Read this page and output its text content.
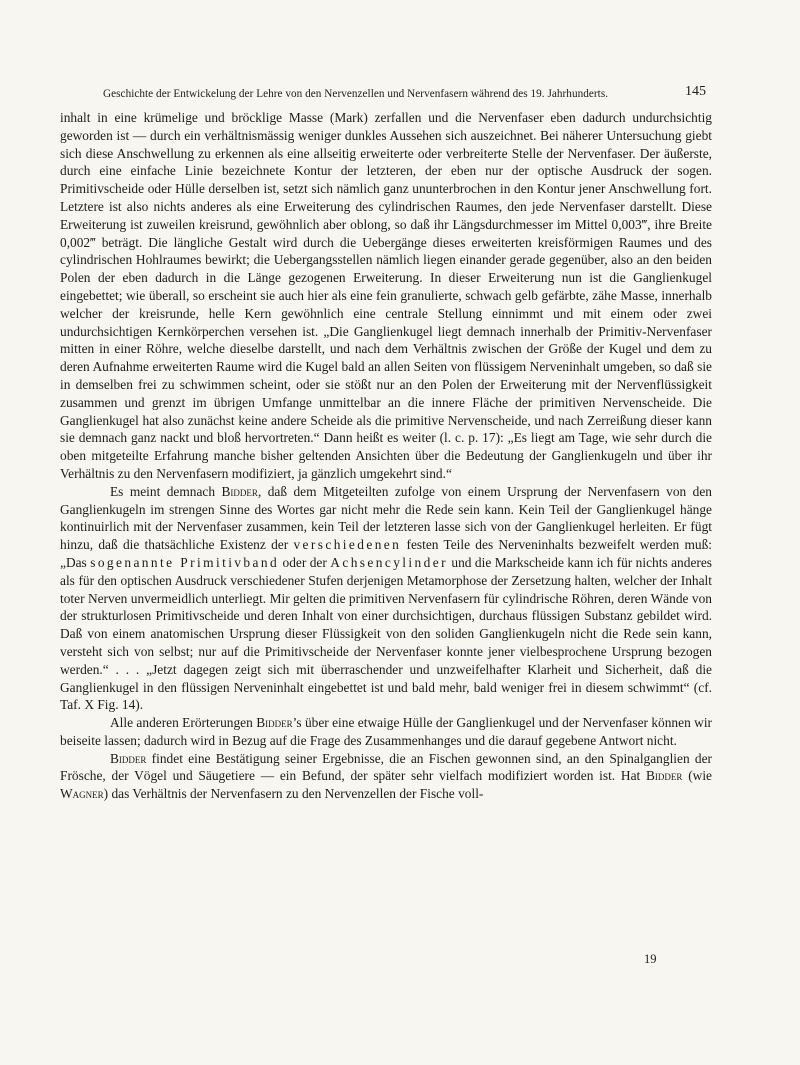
Geschichte der Entwickelung der Lehre von den Nervenzellen und Nervenfasern während des 19. Jahrhunderts.	145

inhalt in eine krümelige und bröcklige Masse (Mark) zerfallen und die Nervenfaser eben dadurch undurchsichtig geworden ist — durch ein verhältnismässig weniger dunkles Aussehen sich auszeichnet. Bei näherer Untersuchung giebt sich diese Anschwellung zu erkennen als eine allseitig erweiterte oder verbreiterte Stelle der Nervenfaser. Der äußerste, durch eine einfache Linie bezeichnete Kontur der letzteren, der eben nur der optische Ausdruck der sogen. Primitivscheide oder Hülle derselben ist, setzt sich nämlich ganz ununterbrochen in den Kontur jener Anschwellung fort. Letztere ist also nichts anderes als eine Erweiterung des cylindrischen Raumes, den jede Nervenfaser darstellt. Diese Erweiterung ist zuweilen kreisrund, gewöhnlich aber oblong, so daß ihr Längsdurchmesser im Mittel 0,003‴, ihre Breite 0,002‴ beträgt. Die längliche Gestalt wird durch die Uebergänge dieses erweiterten kreisförmigen Raumes und des cylindrischen Hohlraumes bewirkt; die Uebergangsstellen nämlich liegen einander gerade gegenüber, also an den beiden Polen der eben dadurch in die Länge gezogenen Erweiterung. In dieser Erweiterung nun ist die Ganglienkugel eingebettet; wie überall, so erscheint sie auch hier als eine fein granulierte, schwach gelb gefärbte, zähe Masse, innerhalb welcher der kreisrunde, helle Kern gewöhnlich eine centrale Stellung einnimmt und mit einem oder zwei undurchsichtigen Kernkörperchen versehen ist. „Die Ganglienkugel liegt demnach innerhalb der Primitiv-Nervenfaser mitten in einer Röhre, welche dieselbe darstellt, und nach dem Verhältnis zwischen der Größe der Kugel und dem zu deren Aufnahme erweiterten Raume wird die Kugel bald an allen Seiten von flüssigem Nerveninhalt umgeben, so daß sie in demselben frei zu schwimmen scheint, oder sie stößt nur an den Polen der Erweiterung mit der Nervenflüssigkeit zusammen und grenzt im übrigen Umfange unmittelbar an die innere Fläche der primitiven Nervenscheide. Die Ganglienkugel hat also zunächst keine andere Scheide als die primitive Nervenscheide, und nach Zerreißung dieser kann sie demnach ganz nackt und bloß hervortreten.“ Dann heißt es weiter (l. c. p. 17): „Es liegt am Tage, wie sehr durch die oben mitgeteilte Erfahrung manche bisher geltenden Ansichten über die Bedeutung der Ganglienkugeln und über ihr Verhältnis zu den Nervenfasern modifiziert, ja gänzlich umgekehrt sind.“

Es meint demnach Bidder, daß dem Mitgeteilten zufolge von einem Ursprung der Nervenfasern von den Ganglienkugeln im strengen Sinne des Wortes gar nicht mehr die Rede sein kann. Kein Teil der Ganglienkugel hänge kontinuirlich mit der Nervenfaser zusammen, kein Teil der letzteren lasse sich von der Ganglienkugel herleiten. Er fügt hinzu, daß die thatsächliche Existenz der verschiedenen festen Teile des Nerveninhalts bezweifelt werden muß: „Das sogenannte Primitivband oder der Achsencylinder und die Markscheide kann ich für nichts anderes als für den optischen Ausdruck verschiedener Stufen derjenigen Metamorphose der Zersetzung halten, welcher der Inhalt toter Nerven unvermeidlich unterliegt. Mir gelten die primitiven Nervenfasern für cylindrische Röhren, deren Wände von der strukturlosen Primitivscheide und deren Inhalt von einer durchsichtigen, durchaus flüssigen Substanz gebildet wird. Daß von einem anatomischen Ursprung dieser Flüssigkeit von den soliden Ganglienkugeln nicht die Rede sein kann, versteht sich von selbst; nur auf die Primitivscheide der Nervenfaser konnte jener vielbesprochene Ursprung bezogen werden.“ . . . „Jetzt dagegen zeigt sich mit überraschender und unzweifelhafter Klarheit und Sicherheit, daß die Ganglienkugel in den flüssigen Nerveninhalt eingebettet ist und bald mehr, bald weniger frei in diesem schwimmt“ (cf. Taf. X Fig. 14).

Alle anderen Erörterungen Bidder’s über eine etwaige Hülle der Ganglienkugel und der Nervenfaser können wir beiseite lassen; dadurch wird in Bezug auf die Frage des Zusammenhanges und die darauf gegebene Antwort nicht.

Bidder findet eine Bestätigung seiner Ergebnisse, die an Fischen gewonnen sind, an den Spinalganglien der Frösche, der Vögel und Säugetiere — ein Befund, der später sehr vielfach modifiziert worden ist. Hat Bidder (wie Wagner) das Verhältnis der Nervenfasern zu den Nervenzellen der Fische voll-

19
